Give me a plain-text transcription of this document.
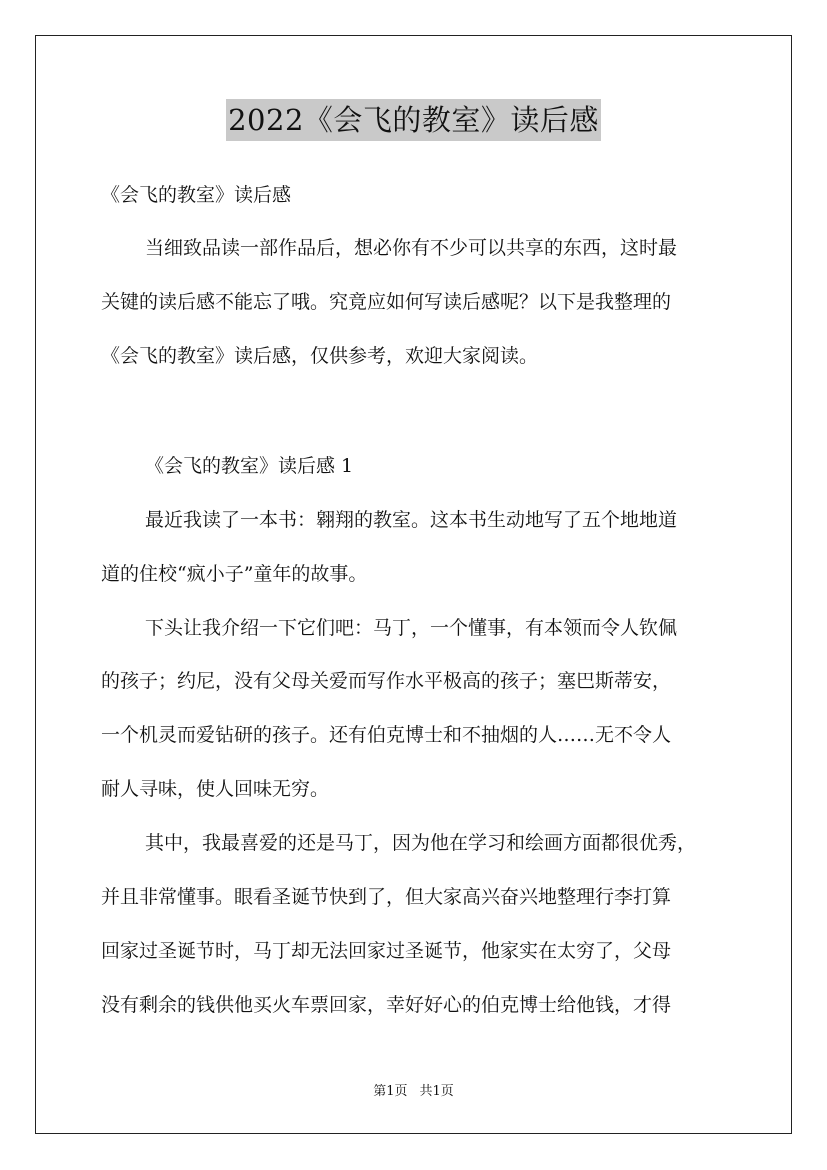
2022《会飞的教室》读后感
《会飞的教室》读后感
当细致品读一部作品后，想必你有不少可以共享的东西，这时最
关键的读后感不能忘了哦。究竟应如何写读后感呢？以下是我整理的
《会飞的教室》读后感，仅供参考，欢迎大家阅读。
《会飞的教室》读后感 1
最近我读了一本书：翱翔的教室。这本书生动地写了五个地地道
道的住校“疯小子”童年的故事。
下头让我介绍一下它们吧：马丁，一个懂事，有本领而令人钦佩
的孩子；约尼，没有父母关爱而写作水平极高的孩子；塞巴斯蒂安，
一个机灵而爱钻研的孩子。还有伯克博士和不抽烟的人……无不令人
耐人寻味，使人回味无穷。
其中，我最喜爱的还是马丁，因为他在学习和绘画方面都很优秀，
并且非常懂事。眼看圣诞节快到了，但大家高兴奋兴地整理行李打算
回家过圣诞节时，马丁却无法回家过圣诞节，他家实在太穷了，父母
没有剩余的钱供他买火车票回家，幸好好心的伯克博士给他钱，才得
第1页 共1页
